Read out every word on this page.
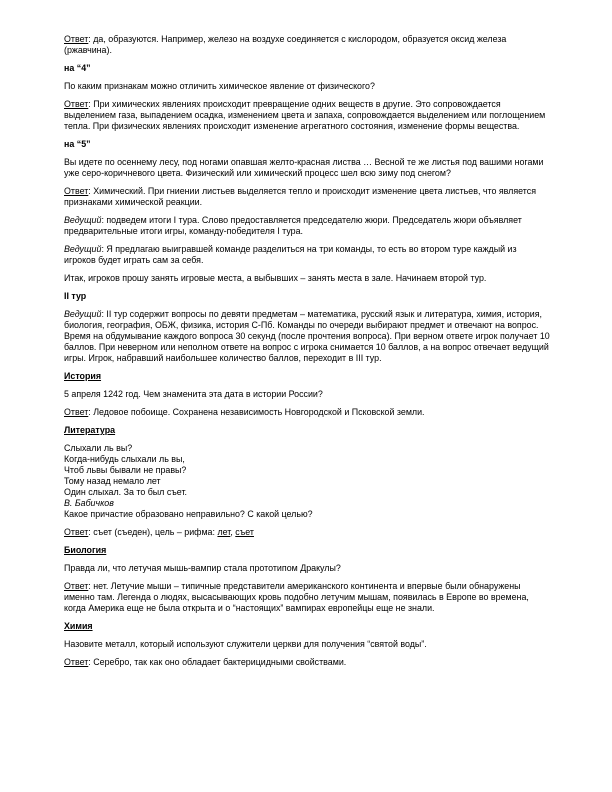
Ответ: да, образуются. Например, железо на воздухе соединяется с кислородом, образуется оксид железа (ржавчина).

на “4”

По каким признакам можно отличить химическое явление от физического?

Ответ: При химических явлениях происходит превращение одних веществ в другие. Это сопровождается выделением газа, выпадением осадка, изменением цвета и запаха, сопровождается выделением или поглощением тепла. При физических явлениях происходит изменение агрегатного состояния, изменение формы вещества.

на “5”

Вы идете по осеннему лесу, под ногами опавшая желто-красная листва … Весной те же листья под вашими ногами уже серо-коричневого цвета. Физический или химический процесс шел всю зиму под снегом?

Ответ: Химический. При гниении листьев выделяется тепло и происходит изменение цвета листьев, что является признаками химической реакции.

Ведущий: подведем итоги I тура. Слово предоставляется председателю жюри. Председатель жюри объявляет предварительные итоги игры, команду-победителя I тура.

Ведущий: Я предлагаю выигравшей команде разделиться на три команды, то есть во втором туре каждый из игроков будет играть сам за себя.

Итак, игроков прошу занять игровые места, а выбывших – занять места в зале. Начинаем второй тур.

II тур

Ведущий: II тур содержит вопросы по девяти предметам – математика, русский язык и литература, химия, история, биология, география, ОБЖ, физика, история С-Пб. Команды по очереди выбирают предмет и отвечают на вопрос. Время на обдумывание каждого вопроса 30 секунд (после прочтения вопроса). При верном ответе игрок получает 10 баллов. При неверном или неполном ответе на вопрос с игрока снимается 10 баллов, а на вопрос отвечает ведущий игры. Игрок, набравший наибольшее количество баллов, переходит в III тур.

История

5 апреля 1242 год. Чем знаменита эта дата в истории России?

Ответ: Ледовое побоище. Сохранена независимость Новгородской и Псковской земли.

Литература
Слыхали ль вы?
Когда-нибудь слыхали ль вы,
Чтоб львы бывали не правы?
Тому назад немало лет
Один слыхал. За то был съет.
В. Бабичков
Какое причастие образовано неправильно? С какой целью?

Ответ: съет (съеден), цель – рифма: лет, съет

Биология

Правда ли, что летучая мышь-вампир стала прототипом Дракулы?

Ответ: нет. Летучие мыши – типичные представители американского континента и впервые были обнаружены именно там. Легенда о людях, высасывающих кровь подобно летучим мышам, появилась в Европе во времена, когда Америка еще не была открыта и о “настоящих” вампирах европейцы еще не знали.

Химия

Назовите металл, который используют служители церкви для получения “святой воды”.

Ответ: Серебро, так как оно обладает бактерицидными свойствами.
